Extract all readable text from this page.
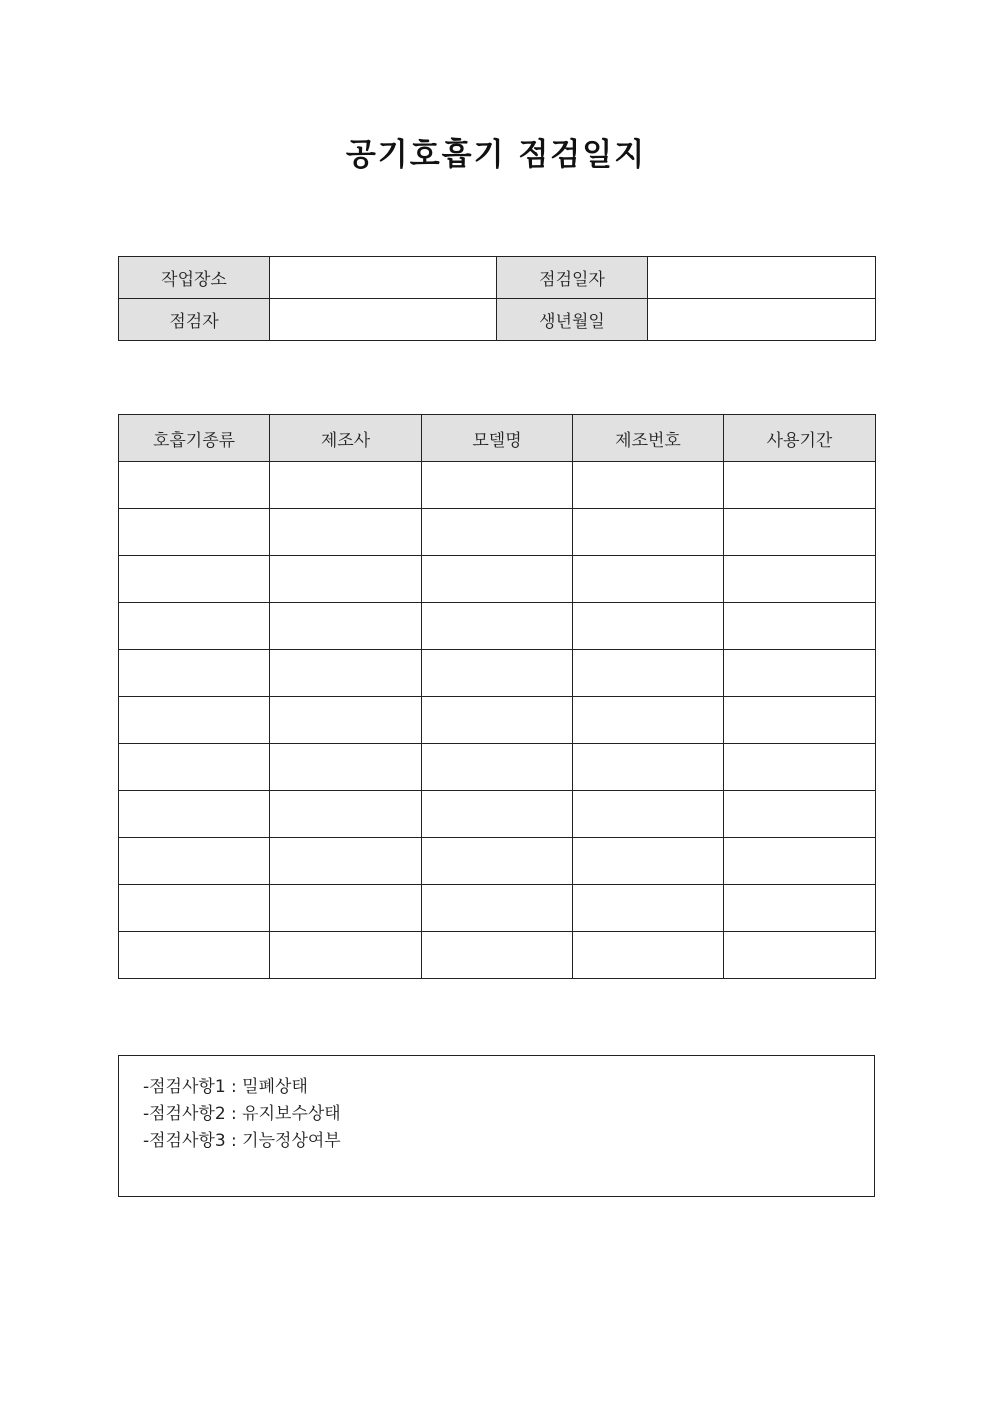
공기호흡기 점검일지
작업장소		점검일자	
점검자		생년월일	
호흡기종류	제조사	모델명	제조번호	사용기간

-점검사항1 : 밀폐상태
-점검사항2 : 유지보수상태
-점검사항3 : 기능정상여부
